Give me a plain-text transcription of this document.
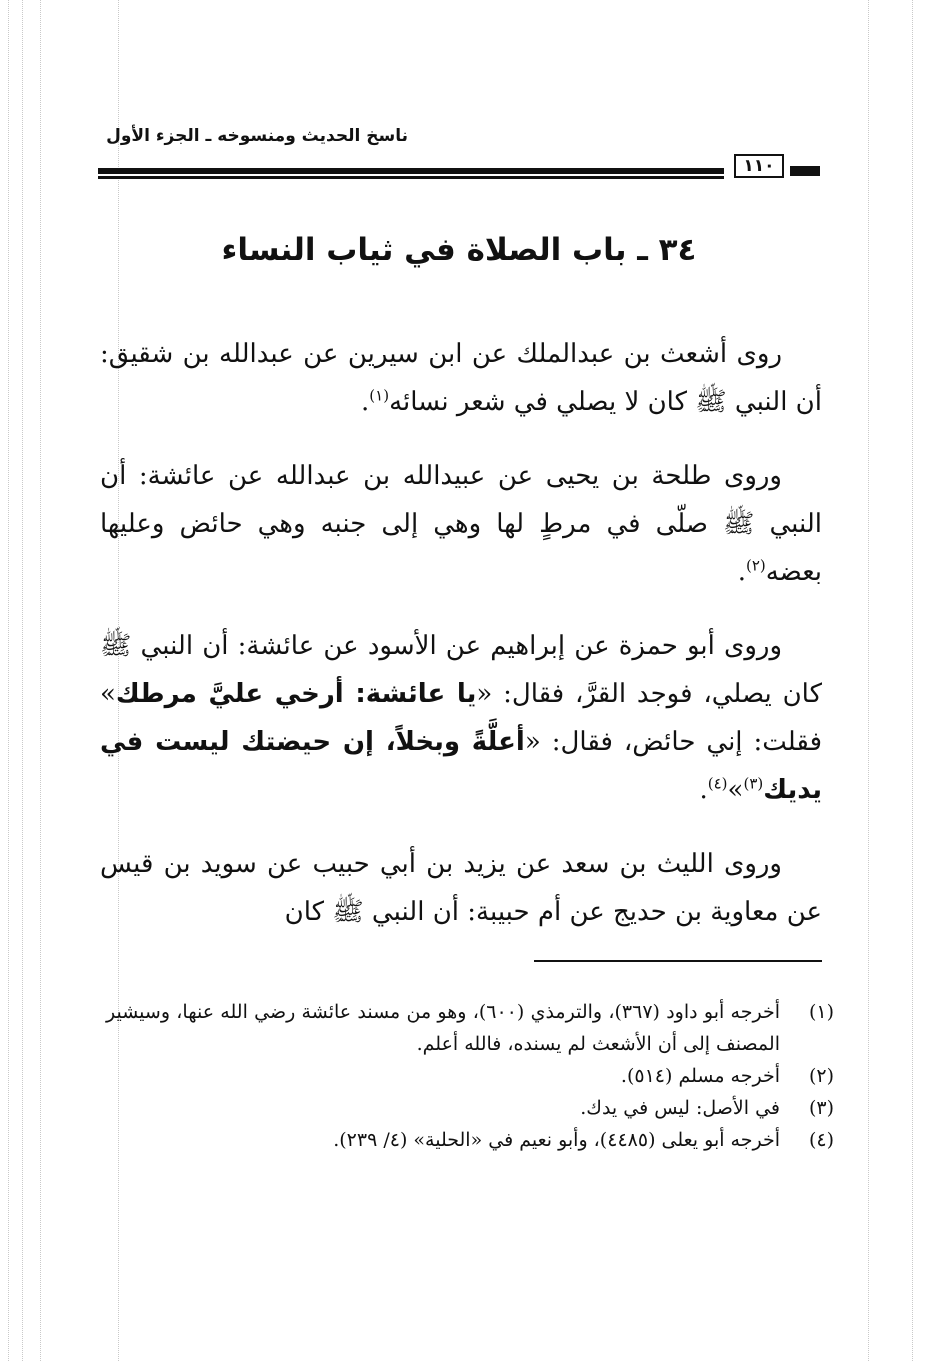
ناسخ الحديث ومنسوخه ـ الجزء الأول
١١٠
٣٤ ـ باب الصلاة في ثياب النساء

روى أشعث بن عبدالملك عن ابن سيرين عن عبدالله بن شقيق: أن النبي ﷺ كان لا يصلي في شعر نسائه$^{(١)}$.

وروى طلحة بن يحيى عن عبيدالله بن عبدالله عن عائشة: أن النبي ﷺ صلّى في مرطٍ لها وهي إلى جنبه وهي حائض وعليها بعضه$^{(٢)}$.

وروى أبو حمزة عن إبراهيم عن الأسود عن عائشة: أن النبي ﷺ كان يصلي، فوجد القرَّ، فقال: «يا عائشة: أرخي عليَّ مرطك» فقلت: إني حائض، فقال: «أعلَّةً وبخلاً، إن حيضتك ليست في يديك$^{(٣)}$»$^{(٤)}$.

وروى الليث بن سعد عن يزيد بن أبي حبيب عن سويد بن قيس عن معاوية بن حديج عن أم حبيبة: أن النبي ﷺ كان

(١)
أخرجه أبو داود (٣٦٧)، والترمذي (٦٠٠)، وهو من مسند عائشة رضي الله عنها، وسيشير المصنف إلى أن الأشعث لم يسنده، فالله أعلم.
(٢)
أخرجه مسلم (٥١٤).
(٣)
في الأصل: ليس في يدك.
(٤)
أخرجه أبو يعلى (٤٤٨٥)، وأبو نعيم في «الحلية» (٤/ ٢٣٩).
